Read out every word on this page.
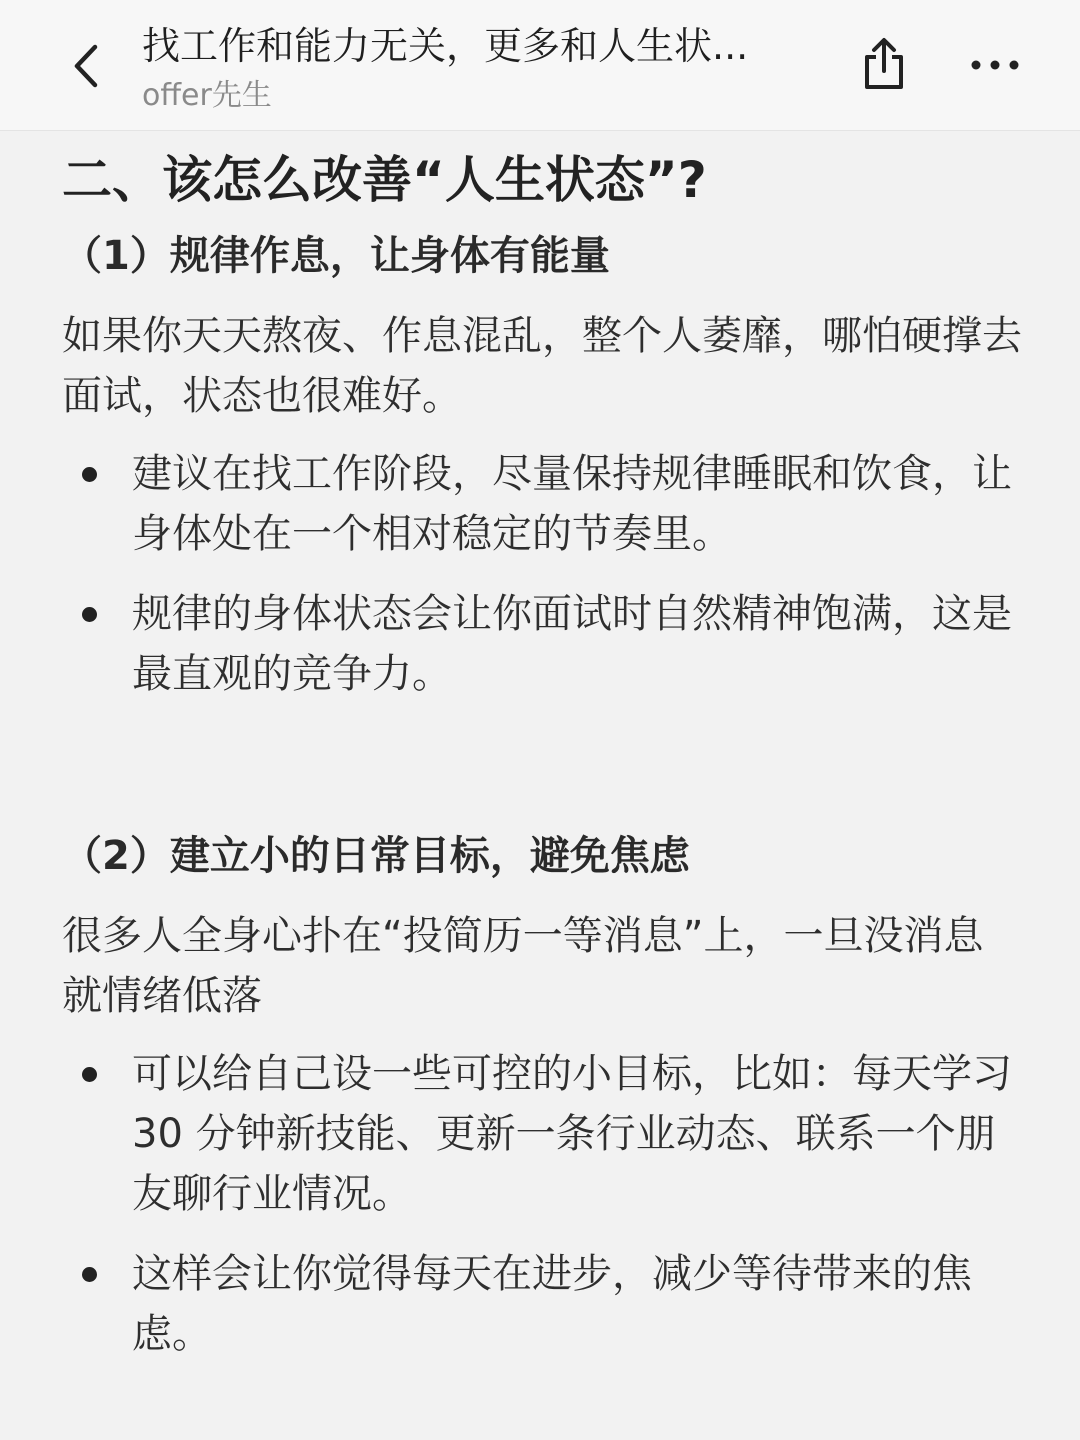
找工作和能力无关，更多和人生状...
offer先生
二、该怎么改善“人生状态”?
（1）规律作息，让身体有能量

如果你天天熬夜、作息混乱，整个人萎靡，哪怕硬撑去面试，状态也很难好。

建议在找工作阶段，尽量保持规律睡眠和饮食，让身体处在一个相对稳定的节奏里。
规律的身体状态会让你面试时自然精神饱满，这是最直观的竞争力。
（2）建立小的日常目标，避免焦虑

很多人全身心扑在“投简历一等消息”上，一旦没消息就情绪低落

可以给自己设一些可控的小目标，比如：每天学习 30 分钟新技能、更新一条行业动态、联系一个朋友聊行业情况。
这样会让你觉得每天在进步，减少等待带来的焦虑。
